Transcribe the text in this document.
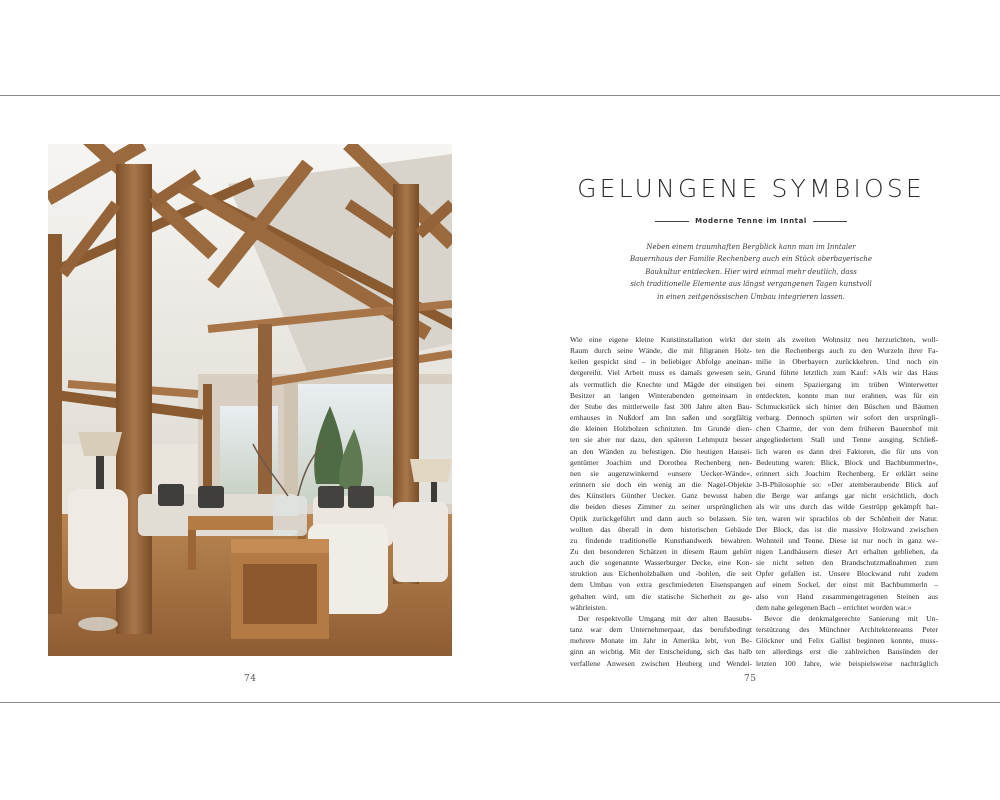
74	75
GELUNGENE SYMBIOSE
Moderne Tenne im Inntal
Neben einem traumhaften Bergblick kann man im Inntaler
Bauernhaus der Familie Rechenberg auch ein Stück oberbayerische
Baukultur entdecken. Hier wird einmal mehr deutlich, dass
sich traditionelle Elemente aus längst vergangenen Tagen kunstvoll
in einen zeitgenössischen Umbau integrieren lassen.
Wie eine eigene kleine Kunstinstallation wirkt der
Raum durch seine Wände, die mit filigranen Holz-
keilen gespickt sind – in beliebiger Abfolge aneinan-
dergereiht. Viel Arbeit muss es damals gewesen sein,
als vermutlich die Knechte und Mägde der einstigen
Besitzer an langen Winterabenden gemeinsam in
der Stube des mittlerweile fast 300 Jahre alten Bau-
ernhauses in Nußdorf am Inn saßen und sorgfältig
die kleinen Holzbolzen schnitzten. Im Grunde dien-
ten sie aber nur dazu, den späteren Lehmputz besser
an den Wänden zu befestigen. Die heutigen Hausei-
gentümer Joachim und Dorothea Rechenberg nen-
nen sie augenzwinkernd »unsere Uecker-Wände«,
erinnern sie doch ein wenig an die Nagel-Objekte
des Künstlers Günther Uecker. Ganz bewusst haben
die beiden dieses Zimmer zu seiner ursprünglichen
Optik zurückgeführt und dann auch so belassen. Sie
wollten das überall in dem historischen Gebäude
zu findende traditionelle Kunsthandwerk bewahren.
Zu den besonderen Schätzen in diesem Raum gehört
auch die sogenannte Wasserburger Decke, eine Kon-
struktion aus Eichenholzbalken und -bohlen, die seit
dem Umbau von extra geschmiedeten Eisenspangen
gehalten wird, um die statische Sicherheit zu ge-
währleisten.
Der respektvolle Umgang mit der alten Bausubs-
tanz war dem Unternehmerpaar, das berufsbedingt
mehrere Monate im Jahr in Amerika lebt, von Be-
ginn an wichtig. Mit der Entscheidung, sich das halb
verfallene Anwesen zwischen Heuberg und Wendel-
stein als zweiten Wohnsitz neu herzurichten, woll-
ten die Rechenbergs auch zu den Wurzeln ihrer Fa-
milie in Oberbayern zurückkehren. Und noch ein
Grund führte letztlich zum Kauf: »Als wir das Haus
bei einem Spaziergang im trüben Winterwetter
entdeckten, konnte man nur erahnen, was für ein
Schmuckstück sich hinter den Büschen und Bäumen
verbarg. Dennoch spürten wir sofort den ursprüngli-
chen Charme, der von dem früheren Bauernhof mit
angegliedertem Stall und Tenne ausging. Schließ-
lich waren es dann drei Faktoren, die für uns von
Bedeutung waren: Blick, Block und Bachbummerln«,
erinnert sich Joachim Rechenberg. Er erklärt seine
3-B-Philosophie so: »Der atemberaubende Blick auf
die Berge war anfangs gar nicht ersichtlich, doch
als wir uns durch das wilde Gestrüpp gekämpft hat-
ten, waren wir sprachlos ob der Schönheit der Natur.
Der Block, das ist die massive Holzwand zwischen
Wohnteil und Tenne. Diese ist nur noch in ganz we-
nigen Landhäusern dieser Art erhalten geblieben, da
sie nicht selten den Brandschutzmaßnahmen zum
Opfer gefallen ist. Unsere Blockwand ruht zudem
auf einem Sockel, der einst mit Bachbummerln –
also von Hand zusammengetragenen Steinen aus
dem nahe gelegenen Bach – errichtet worden war.«
Bevor die denkmalgerechte Sanierung mit Un-
terstützung des Münchner Architektenteams Peter
Glöckner und Felix Gallist beginnen konnte, muss-
ten allerdings erst die zahlreichen Bausünden der
letzten 100 Jahre, wie beispielsweise nachträglich
